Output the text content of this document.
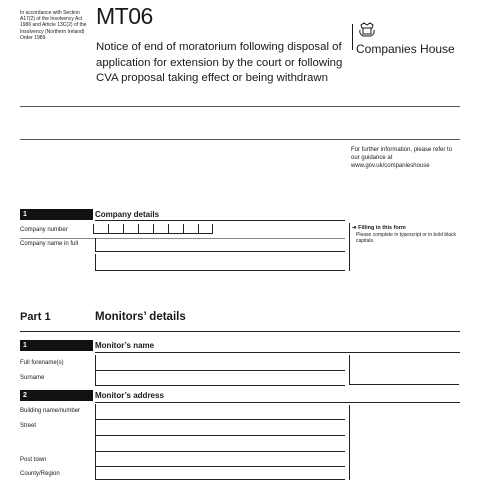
In accordance with Section A17(2) of the Insolvency Act 1986 and Article 13C(2) of the Insolvency (Northern Ireland) Order 1989.
MT06
Notice of end of moratorium following disposal of application for extension by the court or following CVA proposal taking effect or being withdrawn
Companies House
For further information, please refer to our guidance at www.gov.uk/companieshouse
1	Company details
Company number
Company name in full
➔ Filling in this form
Please complete in typescript or in bold black capitals.
Part 1	Monitors’ details
1	Monitor’s name
Full forename(s)
Surname
2	Monitor’s address
Building name/number
Street
Post town
County/Region
